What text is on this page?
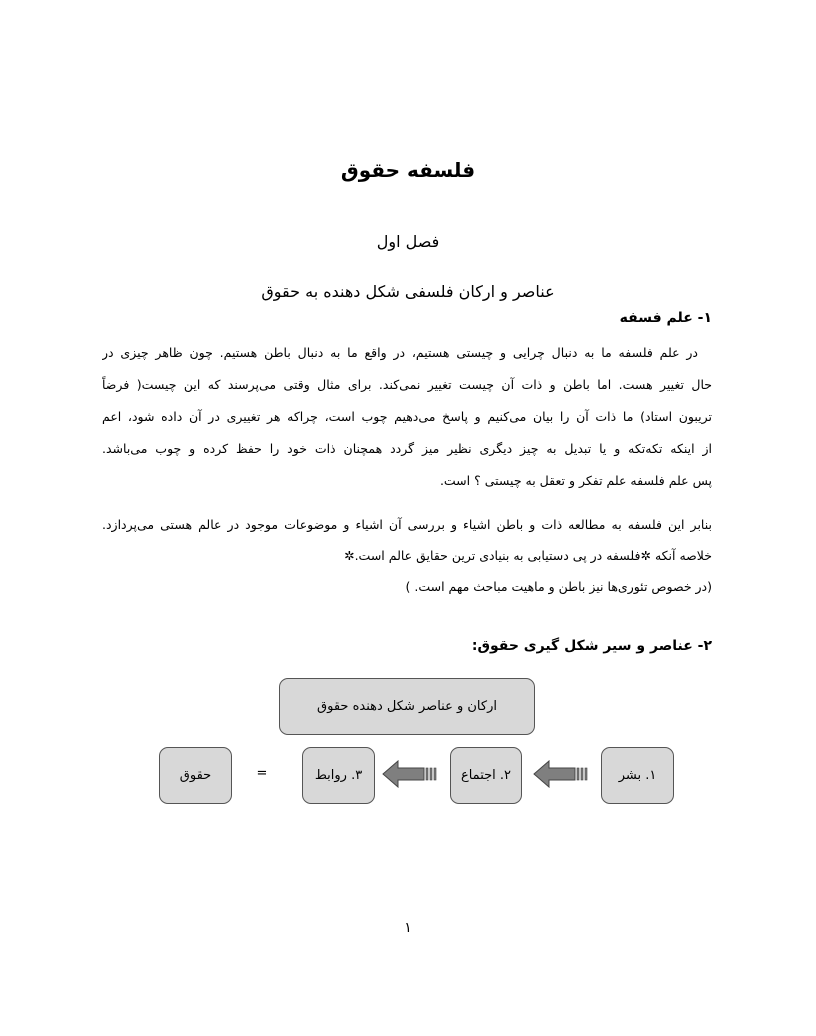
فلسفه حقوق
فصل اول
عناصر و ارکان فلسفی شکل دهنده به حقوق
۱- علم فسفه
در علم فلسفه ما به دنبال چرایی و چیستی هستیم، در واقع ما به دنبال باطن هستیم. چون ظاهر چیزی در
حال تغییر هست. اما باطن و ذات آن چیست تغییر نمی‌کند. برای مثال وقتی می‌پرسند که این چیست( فرضاً
تریبون استاد) ما ذات آن را بیان می‌کنیم و پاسخ می‌دهیم چوب است، چراکه هر تغییری در آن داده شود، اعم
از اینکه تکه‌تکه و یا تبدیل به چیز دیگری نظیر میز گردد همچنان ذات خود را حفظ کرده و چوب می‌باشد.
پس علم فلسفه علم تفکر و تعقل به چیستی ؟ است.
بنابر این فلسفه به مطالعه ذات و باطن اشیاء و بررسی آن اشیاء و موضوعات موجود در عالم هستی می‌پردازد.
خلاصه آنکه ✲فلسفه در پی دستیابی به بنیادی ترین حقایق عالم است.✲
(در خصوص تئوری‌ها نیز باطن و ماهیت مباحث مهم است. )
۲- عناصر و سیر شکل گیری حقوق:
ارکان و عناصر شکل دهنده حقوق
۱. بشر
۲. اجتماع
۳. روابط
=
حقوق
۱
